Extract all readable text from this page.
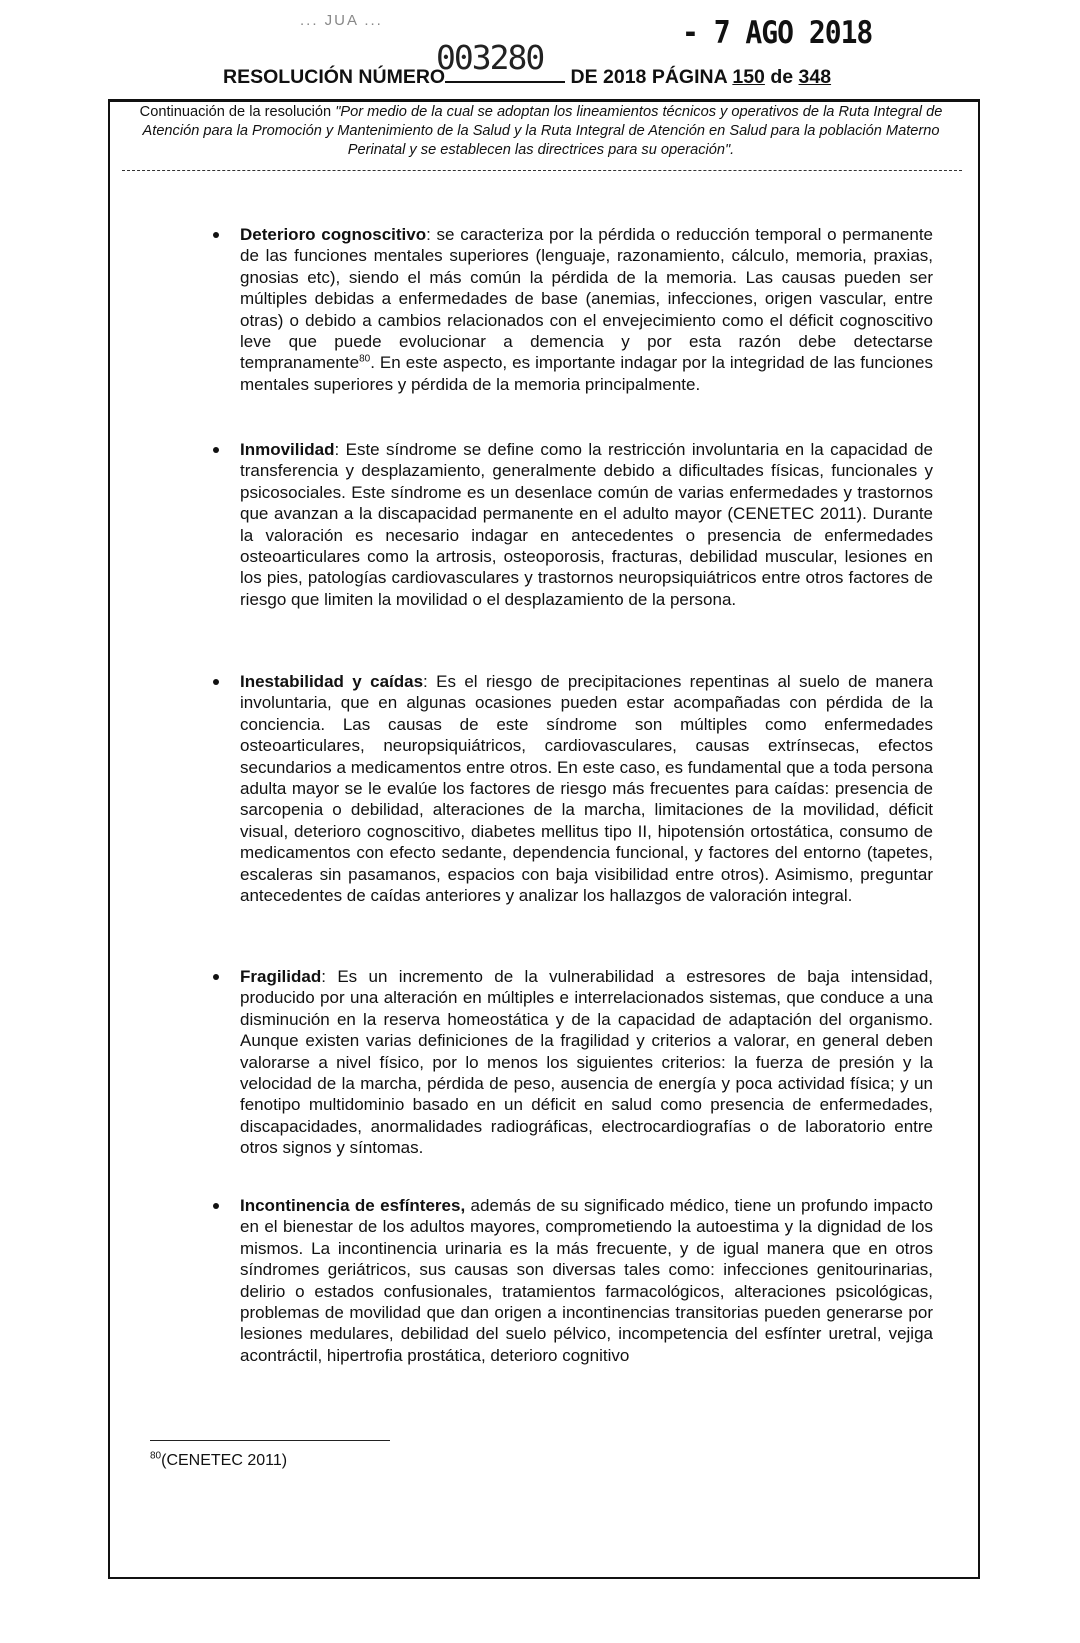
... JUA ...	- 7 AGO 2018
003280
RESOLUCIÓN NÚMERO	DE 2018 PÁGINA 150 de 348
Continuación de la resolución "Por medio de la cual se adoptan los lineamientos técnicos y operativos de la Ruta Integral de Atención para la Promoción y Mantenimiento de la Salud y la Ruta Integral de Atención en Salud para la población Materno Perinatal y se establecen las directrices para su operación".
Deterioro cognoscitivo: se caracteriza por la pérdida o reducción temporal o permanente de las funciones mentales superiores (lenguaje, razonamiento, cálculo, memoria, praxias, gnosias etc), siendo el más común la pérdida de la memoria. Las causas pueden ser múltiples debidas a enfermedades de base (anemias, infecciones, origen vascular, entre otras) o debido a cambios relacionados con el envejecimiento como el déficit cognoscitivo leve que puede evolucionar a demencia y por esta razón debe detectarse tempranamente$^{80}$. En este aspecto, es importante indagar por la integridad de las funciones mentales superiores y pérdida de la memoria principalmente.
Inmovilidad: Este síndrome se define como la restricción involuntaria en la capacidad de transferencia y desplazamiento, generalmente debido a dificultades físicas, funcionales y psicosociales. Este síndrome es un desenlace común de varias enfermedades y trastornos que avanzan a la discapacidad permanente en el adulto mayor (CENETEC 2011). Durante la valoración es necesario indagar en antecedentes o presencia de enfermedades osteoarticulares como la artrosis, osteoporosis, fracturas, debilidad muscular, lesiones en los pies, patologías cardiovasculares y trastornos neuropsiquiátricos entre otros factores de riesgo que limiten la movilidad o el desplazamiento de la persona.
Inestabilidad y caídas: Es el riesgo de precipitaciones repentinas al suelo de manera involuntaria, que en algunas ocasiones pueden estar acompañadas con pérdida de la conciencia. Las causas de este síndrome son múltiples como enfermedades osteoarticulares, neuropsiquiátricos, cardiovasculares, causas extrínsecas, efectos secundarios a medicamentos entre otros. En este caso, es fundamental que a toda persona adulta mayor se le evalúe los factores de riesgo más frecuentes para caídas: presencia de sarcopenia o debilidad, alteraciones de la marcha, limitaciones de la movilidad, déficit visual, deterioro cognoscitivo, diabetes mellitus tipo II, hipotensión ortostática, consumo de medicamentos con efecto sedante, dependencia funcional, y factores del entorno (tapetes, escaleras sin pasamanos, espacios con baja visibilidad entre otros). Asimismo, preguntar antecedentes de caídas anteriores y analizar los hallazgos de valoración integral.
Fragilidad: Es un incremento de la vulnerabilidad a estresores de baja intensidad, producido por una alteración en múltiples e interrelacionados sistemas, que conduce a una disminución en la reserva homeostática y de la capacidad de adaptación del organismo. Aunque existen varias definiciones de la fragilidad y criterios a valorar, en general deben valorarse a nivel físico, por lo menos los siguientes criterios: la fuerza de presión y la velocidad de la marcha, pérdida de peso, ausencia de energía y poca actividad física; y un fenotipo multidominio basado en un déficit en salud como presencia de enfermedades, discapacidades, anormalidades radiográficas, electrocardiografías o de laboratorio entre otros signos y síntomas.
Incontinencia de esfínteres, además de su significado médico, tiene un profundo impacto en el bienestar de los adultos mayores, comprometiendo la autoestima y la dignidad de los mismos. La incontinencia urinaria es la más frecuente, y de igual manera que en otros síndromes geriátricos, sus causas son diversas tales como: infecciones genitourinarias, delirio o estados confusionales, tratamientos farmacológicos, alteraciones psicológicas, problemas de movilidad que dan origen a incontinencias transitorias pueden generarse por lesiones medulares, debilidad del suelo pélvico, incompetencia del esfínter uretral, vejiga acontráctil, hipertrofia prostática, deterioro cognitivo
$^{80}$(CENETEC 2011)
